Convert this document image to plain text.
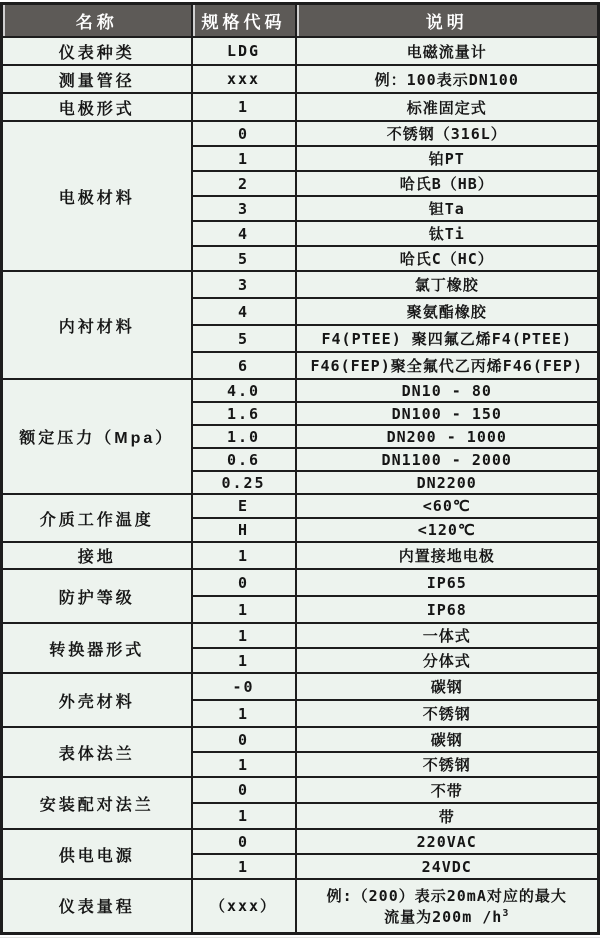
名称	规格代码	说明
仪表种类	LDG	电磁流量计
测量管径	xxx	例：100表示DN100
电极形式	1	标准固定式
电极材料	0	不锈钢（316L）
	1	铂PT
	2	哈氏B（HB）
	3	钽Ta
	4	钛Ti
	5	哈氏C（HC）
内衬材料	3	氯丁橡胶
	4	聚氨酯橡胶
	5	F4(PTEE) 聚四氟乙烯F4(PTEE)
	6	F46(FEP)聚全氟代乙丙烯F46(FEP)
额定压力（Mpa）	4.0	DN10 - 80
	1.6	DN100 - 150
	1.0	DN200 - 1000
	0.6	DN1100 - 2000
	0.25	DN2200
介质工作温度	E	<60℃
	H	<120℃
接地	1	内置接地电极
防护等级	0	IP65
	1	IP68
转换器形式	1	一体式
	1	分体式
外壳材料	-0	碳钢
	1	不锈钢
表体法兰	0	碳钢
	1	不锈钢
安装配对法兰	0	不带
	1	带
供电电源	0	220VAC
	1	24VDC
仪表量程	（xxx）	例:（200）表示20mA对应的最大
流量为200m $/h^3$
